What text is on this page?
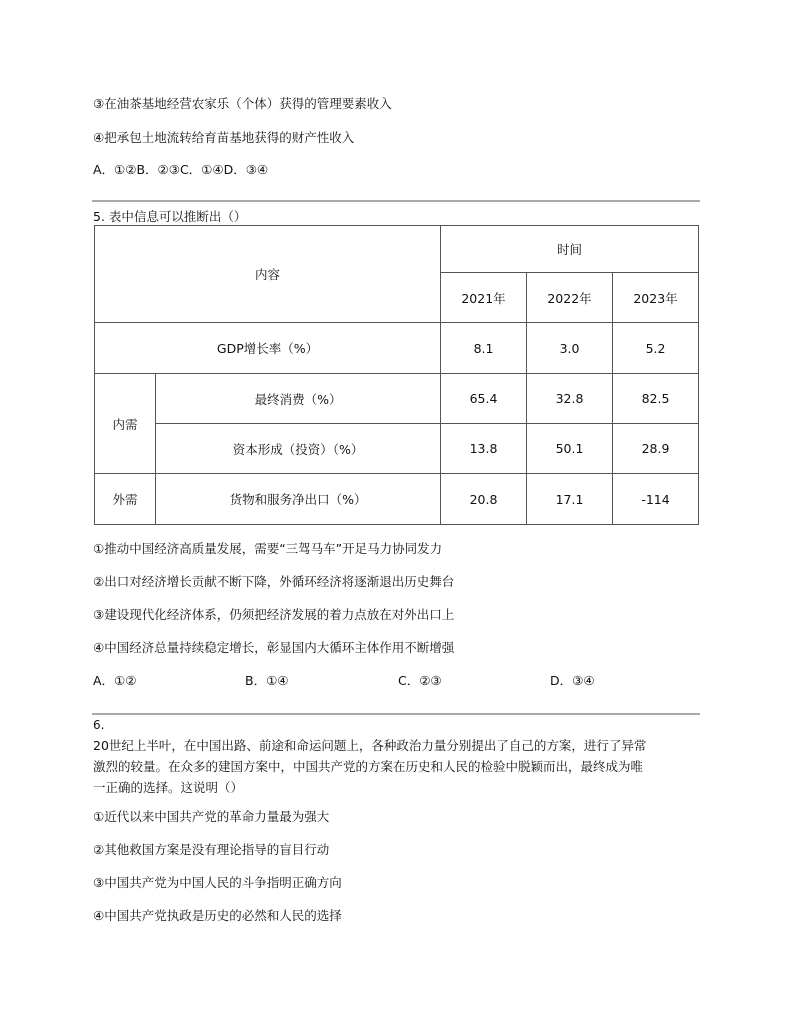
③在油茶基地经营农家乐（个体）获得的管理要素收入
④把承包土地流转给育苗基地获得的财产性收入
A．①②B．②③C．①④D．③④
5. 表中信息可以推断出（）
内容		时间		
		2021年	2022年	2023年
GDP增长率（%）		8.1	3.0	5.2
内需	最终消费（%）	65.4	32.8	82.5
	资本形成（投资）（%）	13.8	50.1	28.9
外需	货物和服务净出口（%）	20.8	17.1	-114
①推动中国经济高质量发展，需要“三驾马车”开足马力协同发力
②出口对经济增长贡献不断下降，外循环经济将逐渐退出历史舞台
③建设现代化经济体系，仍须把经济发展的着力点放在对外出口上
④中国经济总量持续稳定增长，彰显国内大循环主体作用不断增强
A．①②	B．①④	C．②③	D．③④
6.
20世纪上半叶，在中国出路、前途和命运问题上，各种政治力量分别提出了自己的方案，进行了异常
激烈的较量。在众多的建国方案中，中国共产党的方案在历史和人民的检验中脱颖而出，最终成为唯
一正确的选择。这说明（）
①近代以来中国共产党的革命力量最为强大
②其他救国方案是没有理论指导的盲目行动
③中国共产党为中国人民的斗争指明正确方向
④中国共产党执政是历史的必然和人民的选择
